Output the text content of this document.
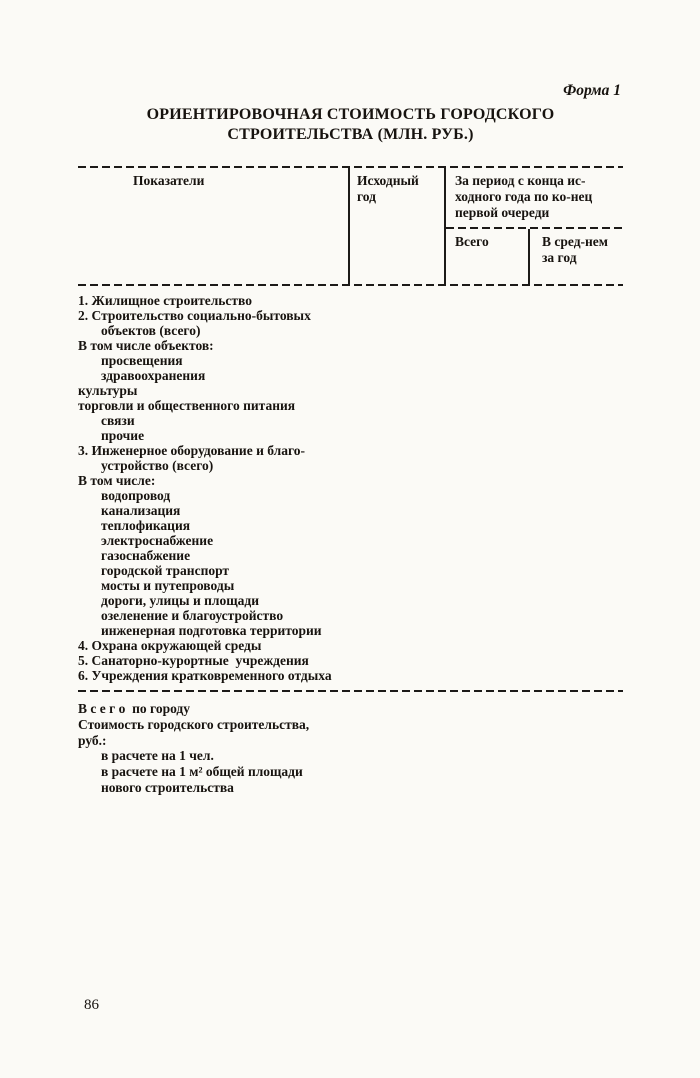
Форма 1
ОРИЕНТИРОВОЧНАЯ СТОИМОСТЬ ГОРОДСКОГО
СТРОИТЕЛЬСТВА (МЛН. РУБ.)
Показатели	Исходный год
За период с конца ис-ходного года по ко-нец первой очереди
Всего	В сред-нем за год
1. Жилищное строительство
2. Строительство социально-бытовых
объектов (всего)
В том числе объектов:
просвещения
здравоохранения
культуры
торговли и общественного питания
связи
прочие
3. Инженерное оборудование и благо-
устройство (всего)
В том числе:
водопровод
канализация
теплофикация
электроснабжение
газоснабжение
городской транспорт
мосты и путепроводы
дороги, улицы и площади
озеленение и благоустройство
инженерная подготовка территории
4. Охрана окружающей среды
5. Санаторно-курортные  учреждения
6. Учреждения кратковременного отдыха
В с е г о  по городу
Стоимость городского строительства,
руб.:
в расчете на 1 чел.
в расчете на 1 м² общей площади
нового строительства
86
